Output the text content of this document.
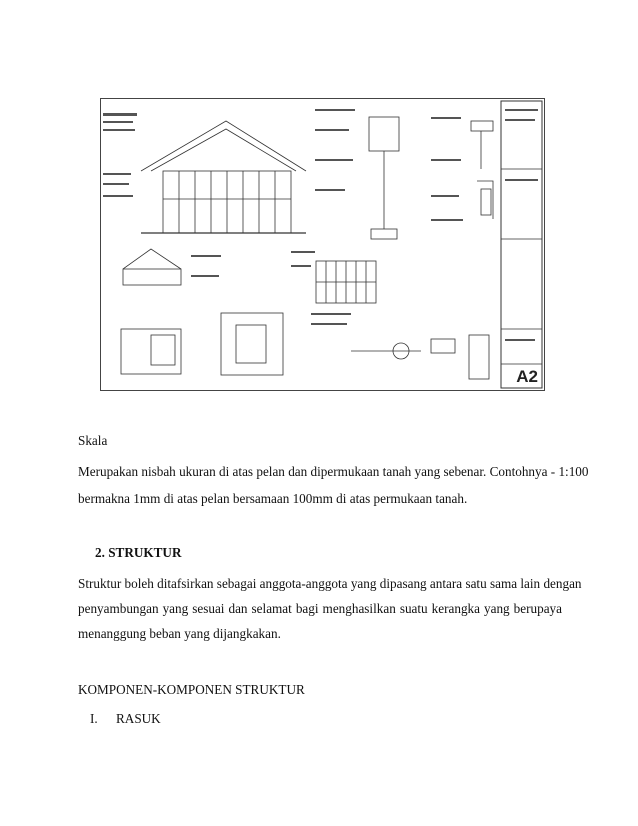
A2
Skala
Merupakan nisbah ukuran di atas pelan dan dipermukaan tanah yang sebenar. Contohnya - 1:100
bermakna 1mm di atas pelan bersamaan 100mm di atas permukaan tanah.
2. STRUKTUR
Struktur boleh ditafsirkan sebagai anggota-anggota yang dipasang antara satu sama lain dengan
penyambungan yang sesuai dan selamat bagi menghasilkan suatu kerangka yang berupaya
menanggung beban yang dijangkakan.
KOMPONEN-KOMPONEN STRUKTUR
I. RASUK
